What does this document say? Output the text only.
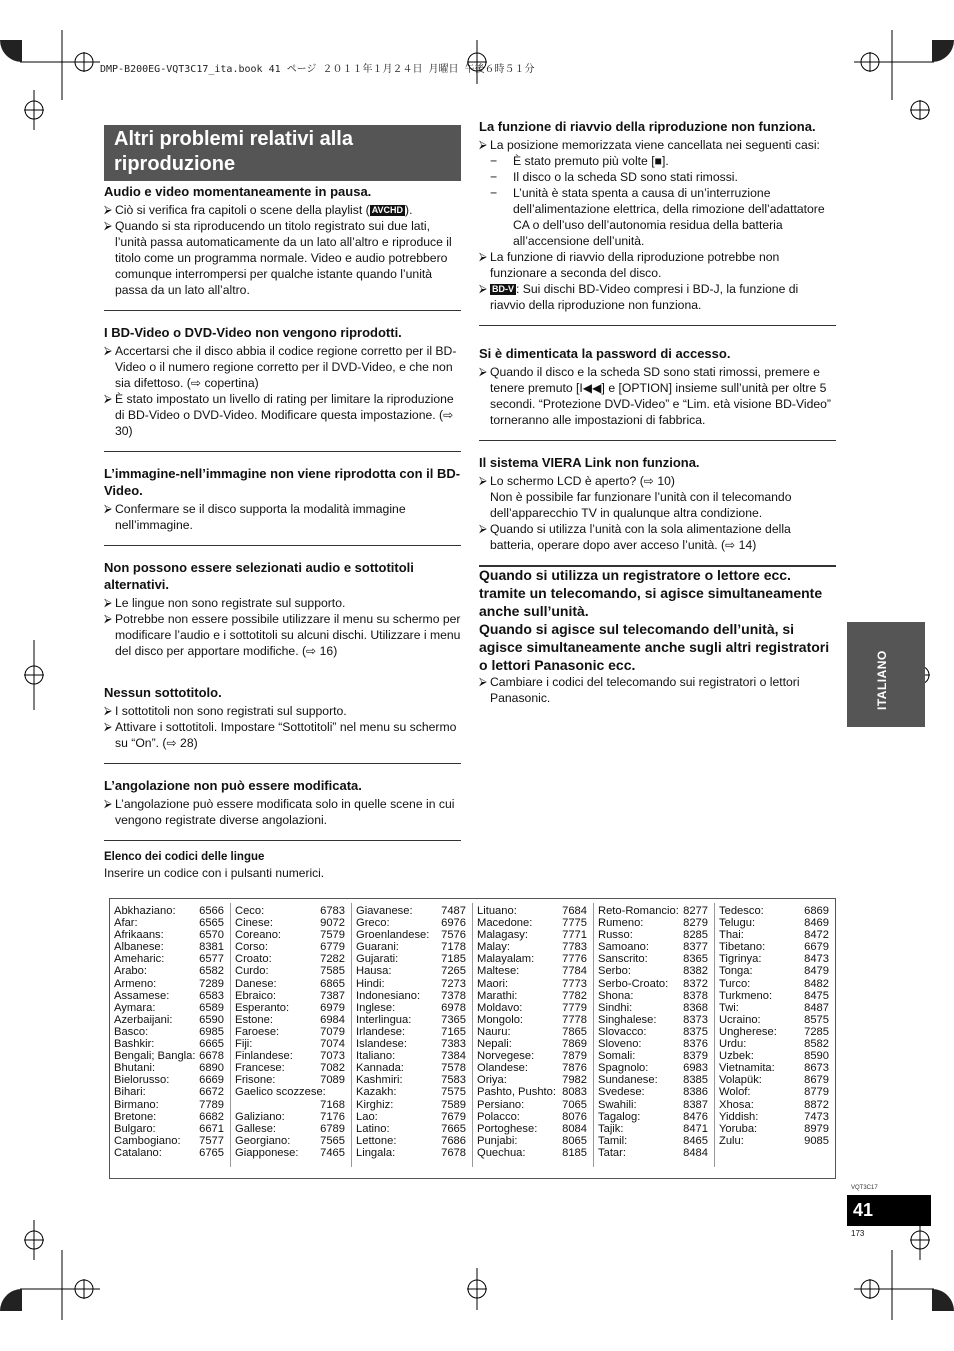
DMP-B200EG-VQT3C17_ita.book 41 ページ ２０１１年１月２４日 月曜日 午後６時５１分
Altri problemi relativi alla riproduzione
Audio e video momentaneamente in pausa.
⮚ Ciò si verifica fra capitoli o scene della playlist ( AVCHD ).
⮚ Quando si sta riproducendo un titolo registrato sui due lati, l’unità passa automaticamente da un lato all’altro e riproduce il titolo come un programma normale. Video e audio potrebbero comunque interrompersi per qualche istante quando l’unità passa da un lato all’altro.
I BD-Video o DVD-Video non vengono riprodotti.
⮚ Accertarsi che il disco abbia il codice regione corretto per il BD-Video o il numero regione corretto per il DVD-Video, e che non sia difettoso. (⇨ copertina)
⮚ È stato impostato un livello di rating per limitare la riproduzione di BD-Video o DVD-Video. Modificare questa impostazione. (⇨ 30)
L’immagine-nell’immagine non viene riprodotta con il BD-Video.
⮚ Confermare se il disco supporta la modalità immagine nell’immagine.
Non possono essere selezionati audio e sottotitoli alternativi.
⮚ Le lingue non sono registrate sul supporto.
⮚ Potrebbe non essere possibile utilizzare il menu su schermo per modificare l’audio e i sottotitoli su alcuni dischi. Utilizzare i menu del disco per apportare modifiche. (⇨ 16)
Nessun sottotitolo.
⮚ I sottotitoli non sono registrati sul supporto.
⮚ Attivare i sottotitoli. Impostare “Sottotitoli” nel menu su schermo su “On”. (⇨ 28)
L’angolazione non può essere modificata.
⮚ L’angolazione può essere modificata solo in quelle scene in cui vengono registrate diverse angolazioni.
La funzione di riavvio della riproduzione non funziona.
⮚ La posizione memorizzata viene cancellata nei seguenti casi:
− È stato premuto più volte [■].
− Il disco o la scheda SD sono stati rimossi.
− L’unità è stata spenta a causa di un’interruzione dell’alimentazione elettrica, della rimozione dell’adattatore CA o dell’uso dell’autonomia residua della batteria all’accensione dell’unità.
⮚ La funzione di riavvio della riproduzione potrebbe non funzionare a seconda del disco.
⮚ BD-V : Sui dischi BD-Video compresi i BD-J, la funzione di riavvio della riproduzione non funziona.
Si è dimenticata la password di accesso.
⮚ Quando il disco e la scheda SD sono stati rimossi, premere e tenere premuto [I◀◀] e [OPTION] insieme sull’unità per oltre 5 secondi. “Protezione DVD-Video” e “Lim. età visione BD-Video” torneranno alle impostazioni di fabbrica.
Il sistema VIERA Link non funziona.
⮚ Lo schermo LCD è aperto? (⇨ 10)
Non è possibile far funzionare l’unità con il telecomando dell’apparecchio TV in qualunque altra condizione.
⮚ Quando si utilizza l’unità con la sola alimentazione della batteria, operare dopo aver acceso l’unità. (⇨ 14)
Quando si utilizza un registratore o lettore ecc. tramite un telecomando, si agisce simultaneamente anche sull’unità.
Quando si agisce sul telecomando dell’unità, si agisce simultaneamente anche sugli altri registratori o lettori Panasonic ecc.
⮚ Cambiare i codici del telecomando sui registratori o lettori Panasonic.	ITALIANO
Elenco dei codici delle lingue
Inserire un codice con i pulsanti numerici.
Abkhaziano: 6566
Afar:	6565
Afrikaans:	6570
Albanese:	8381
Ameharic:	6577
Arabo:	6582
Armeno:	7289
Assamese:	6583
Aymara:	6589
Azerbaijani: 6590
Basco:	6985
Bashkir:	6665
Bengali; Bangla: 6678
Bhutani:	6890
Bielorusso:	6669
Bihari:	6672
Birmano:	7789
Bretone:	6682
Bulgaro:	6671
Cambogiano: 7577
Catalano:	6765
Ceco:	6783
Cinese:	9072
Coreano:	7579
Corso:	6779
Croato:	7282
Curdo:	7585
Danese:	6865
Ebraico:	7387
Esperanto:	6979
Estone:	6984
Faroese:	7079
Fiji:	7074
Finlandese: 7073
Francese:	7082
Frisone:	7089
Gaelico scozzese:
7168
Galiziano:	7176
Gallese:	6789
Georgiano:	7565
Giapponese: 7465
Giavanese:	7487
Greco:	6976
Groenlandese: 7576
Guarani:	7178
Gujarati:	7185
Hausa:	7265
Hindi:	7273
Indonesiano: 7378
Inglese:	6978
Interlingua:	7365
Irlandese:	7165
Islandese:	7383
Italiano:	7384
Kannada:	7578
Kashmiri:	7583
Kazakh:	7575
Kirghiz:	7589
Lao:	7679
Latino:	7665
Lettone:	7686
Lingala:	7678
Lituano:	7684
Macedone:	7775
Malagasy:	7771
Malay:	7783
Malayalam: 7776
Maltese:	7784
Maori:	7773
Marathi:	7782
Moldavo:	7779
Mongolo:	7778
Nauru:	7865
Nepali:	7869
Norvegese: 7879
Olandese:	7876
Oriya:	7982
Pashto, Pushto: 8083
Persiano:	7065
Polacco:	8076
Portoghese: 8084
Punjabi:	8065
Quechua:	8185
Reto-Romancio: 8277
Rumeno:	8279
Russo:	8285
Samoano:	8377
Sanscrito:	8365
Serbo:	8382
Serbo-Croato: 8372
Shona:	8378
Sindhi:	8368
Singhalese: 8373
Slovacco:	8375
Sloveno:	8376
Somali:	8379
Spagnolo:	6983
Sundanese: 8385
Svedese:	8386
Swahili:	8387
Tagalog:	8476
Tajik:	8471
Tamil:	8465
Tatar:	8484
Tedesco:	6869
Telugu:	8469
Thai:	8472
Tibetano:	6679
Tigrinya:	8473
Tonga:	8479
Turco:	8482
Turkmeno:	8475
Twi:	8487
Ucraino:	8575
Ungherese: 7285
Urdu:	8582
Uzbek:	8590
Vietnamita:	8673
Volapük:	8679
Wolof:	8779
Xhosa:	8872
Yiddish:	7473
Yoruba:	8979
Zulu:	9085
VQT3C17
41
173
